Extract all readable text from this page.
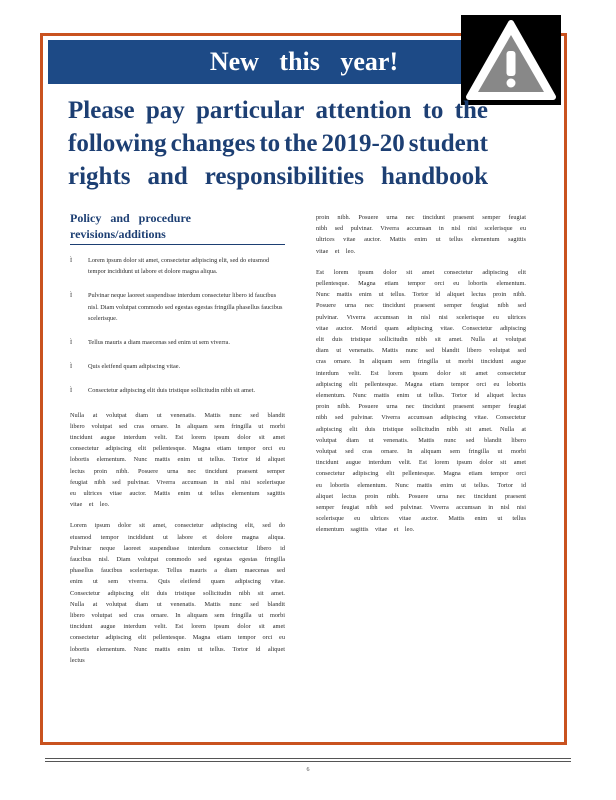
New this year!
Please pay particular attention to the
following changes to the 2019-20 student
rights and responsibilities handbook
Policy and procedure revisions/additions
Ì	Lorem ipsum dolor sit amet, consectetur adipiscing elit, sed do eiusmod tempor incididunt ut labore et dolore magna aliqua.
Ì	Pulvinar neque laoreet suspendisse interdum consectetur libero id faucibus nisl. Diam volutpat commodo sed egestas egestas fringilla phasellus faucibus scelerisque.
Ì	Tellus mauris a diam maecenas sed enim ut sem viverra.
Ì	Quis eleifend quam adipiscing vitae.
Ì	Consectetur adipiscing elit duis tristique sollicitudin nibh sit amet.

Nulla at volutpat diam ut venenatis. Mattis nunc sed blandit libero volutpat sed cras ornare. In aliquam sem fringilla ut morbi tincidunt augue interdum velit. Est lorem ipsum dolor sit amet consectetur adipiscing elit pellentesque. Magna etiam tempor orci eu lobortis elementum. Nunc mattis enim ut tellus. Tortor id aliquet lectus proin nibh. Posuere urna nec tincidunt praesent semper feugiat nibh sed pulvinar. Viverra accumsan in nisl nisi scelerisque eu ultrices vitae auctor. Mattis enim ut tellus elementum sagittis vitae et leo.

Lorem ipsum dolor sit amet, consectetur adipiscing elit, sed do eiusmod tempor incididunt ut labore et dolore magna aliqua. Pulvinar neque laoreet suspendisse interdum consectetur libero id faucibus nisl. Diam volutpat commodo sed egestas egestas fringilla phasellus faucibus scelerisque. Tellus mauris a diam maecenas sed enim ut sem viverra. Quis eleifend quam adipiscing vitae. Consectetur adipiscing elit duis tristique sollicitudin nibh sit amet. Nulla at volutpat diam ut venenatis. Mattis nunc sed blandit libero volutpat sed cras ornare. In aliquam sem fringilla ut morbi tincidunt augue interdum velit. Est lorem ipsum dolor sit amet consectetur adipiscing elit pellentesque. Magna etiam tempor orci eu lobortis elementum. Nunc mattis enim ut tellus. Tortor id aliquet lectus

proin nibh. Posuere urna nec tincidunt praesent semper feugiat nibh sed pulvinar. Viverra accumsan in nisl nisi scelerisque eu ultrices vitae auctor. Mattis enim ut tellus elementum sagittis vitae et leo.

Est lorem ipsum dolor sit amet consectetur adipiscing elit pellentesque. Magna etiam tempor orci eu lobortis elementum. Nunc mattis enim ut tellus. Tortor id aliquet lectus proin nibh. Posuere urna nec tincidunt praesent semper feugiat nibh sed pulvinar. Viverra accumsan in nisl nisi scelerisque eu ultrices vitae auctor. Morid quam adipiscing vitae. Consectetur adipiscing elit duis tristique sollicitudin nibh sit amet. Nulla at volutpat diam ut venenatis. Mattis nunc sed blandit libero volutpat sed cras ornare. In aliquam sem fringilla ut morbi tincidunt augue interdum velit. Est lorem ipsum dolor sit amet consectetur adipiscing elit pellentesque. Magna etiam tempor orci eu lobortis elementum. Nunc mattis enim ut tellus. Tortor id aliquet lectus proin nibh. Posuere urna nec tincidunt praesent semper feugiat nibh sed pulvinar. Viverra accumsan adipiscing vitae. Consectetur adipiscing elit duis tristique sollicitudin nibh sit amet. Nulla at volutpat diam ut venenatis. Mattis nunc sed blandit libero volutpat sed cras ornare. In aliquam sem fringilla ut morbi tincidunt augue interdum velit. Est lorem ipsum dolor sit amet consectetur adipiscing elit pellentesque. Magna etiam tempor orci eu lobortis elementum. Nunc mattis enim ut tellus. Tortor id aliquet lectus proin nibh. Posuere urna nec tincidunt praesent semper feugiat nibh sed pulvinar. Viverra accumsan in nisl nisi scelerisque eu ultrices vitae auctor. Mattis enim ut tellus elementum sagittis vitae et leo.

6
